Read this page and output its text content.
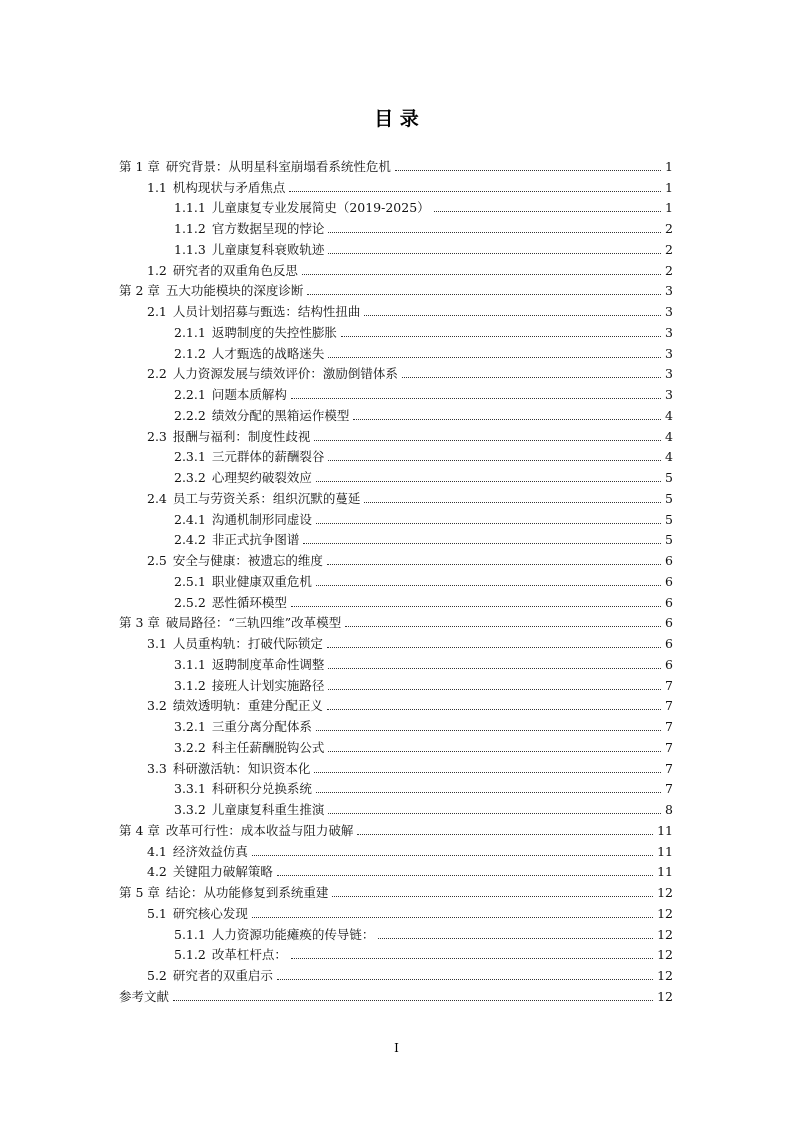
目 录
第 1 章 研究背景：从明星科室崩塌看系统性危机	1
1.1 机构现状与矛盾焦点	1
1.1.1 儿童康复专业发展简史（2019-2025）	1
1.1.2 官方数据呈现的悖论	2
1.1.3 儿童康复科衰败轨迹	2
1.2 研究者的双重角色反思	2
第 2 章 五大功能模块的深度诊断	3
2.1 人员计划招募与甄选：结构性扭曲	3
2.1.1 返聘制度的失控性膨胀	3
2.1.2 人才甄选的战略迷失	3
2.2 人力资源发展与绩效评价：激励倒错体系	3
2.2.1 问题本质解构	3
2.2.2 绩效分配的黑箱运作模型	4
2.3 报酬与福利：制度性歧视	4
2.3.1 三元群体的薪酬裂谷	4
2.3.2 心理契约破裂效应	5
2.4 员工与劳资关系：组织沉默的蔓延	5
2.4.1 沟通机制形同虚设	5
2.4.2 非正式抗争图谱	5
2.5 安全与健康：被遗忘的维度	6
2.5.1 职业健康双重危机	6
2.5.2 恶性循环模型	6
第 3 章 破局路径：“三轨四维”改革模型	6
3.1 人员重构轨：打破代际锁定	6
3.1.1 返聘制度革命性调整	6
3.1.2 接班人计划实施路径	7
3.2 绩效透明轨：重建分配正义	7
3.2.1 三重分离分配体系	7
3.2.2 科主任薪酬脱钩公式	7
3.3 科研激活轨：知识资本化	7
3.3.1 科研积分兑换系统	7
3.3.2 儿童康复科重生推演	8
第 4 章 改革可行性：成本收益与阻力破解	11
4.1 经济效益仿真	11
4.2 关键阻力破解策略	11
第 5 章 结论：从功能修复到系统重建	12
5.1 研究核心发现	12
5.1.1 人力资源功能瘫痪的传导链：	12
5.1.2 改革杠杆点：	12
5.2 研究者的双重启示	12
参考文献	12
I
